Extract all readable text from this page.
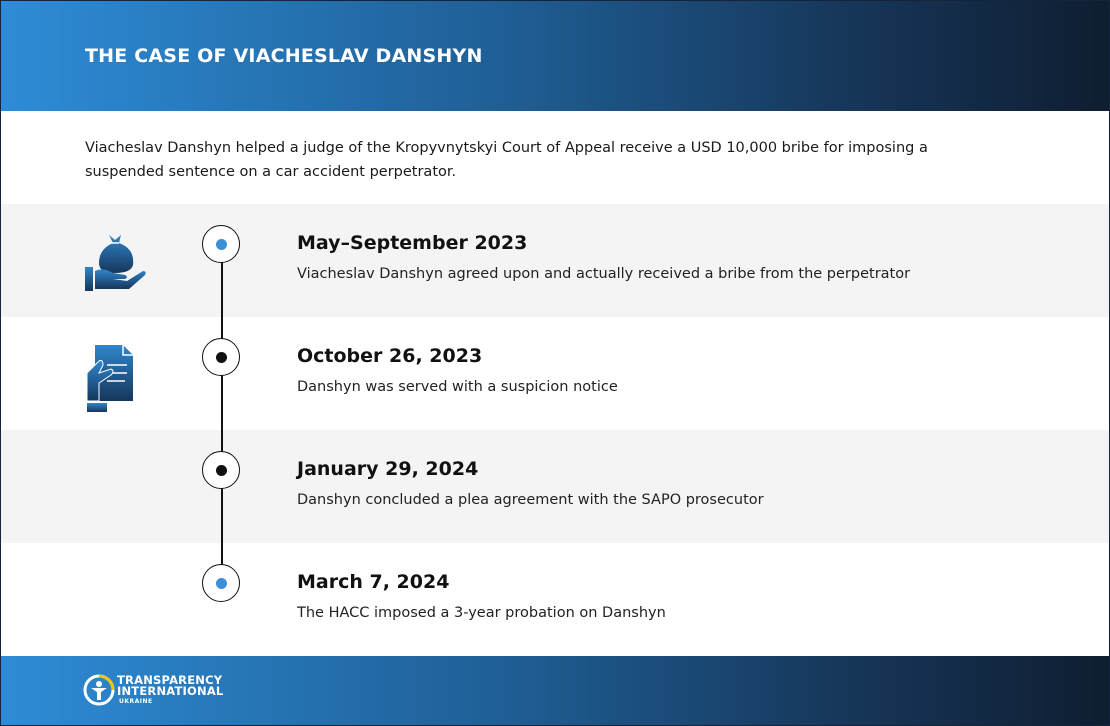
THE CASE OF VIACHESLAV DANSHYN
Viacheslav Danshyn helped a judge of the Kropyvnytskyi Court of Appeal receive a USD 10,000 bribe for imposing a suspended sentence on a car accident perpetrator.
May–September 2023
Viacheslav Danshyn agreed upon and actually received a bribe from the perpetrator
October 26, 2023
Danshyn was served with a suspicion notice
January 29, 2024
Danshyn concluded a plea agreement with the SAPO prosecutor
March 7, 2024
The HACC imposed a 3-year probation on Danshyn
TRANSPARENCY
INTERNATIONAL
UKRAINE
